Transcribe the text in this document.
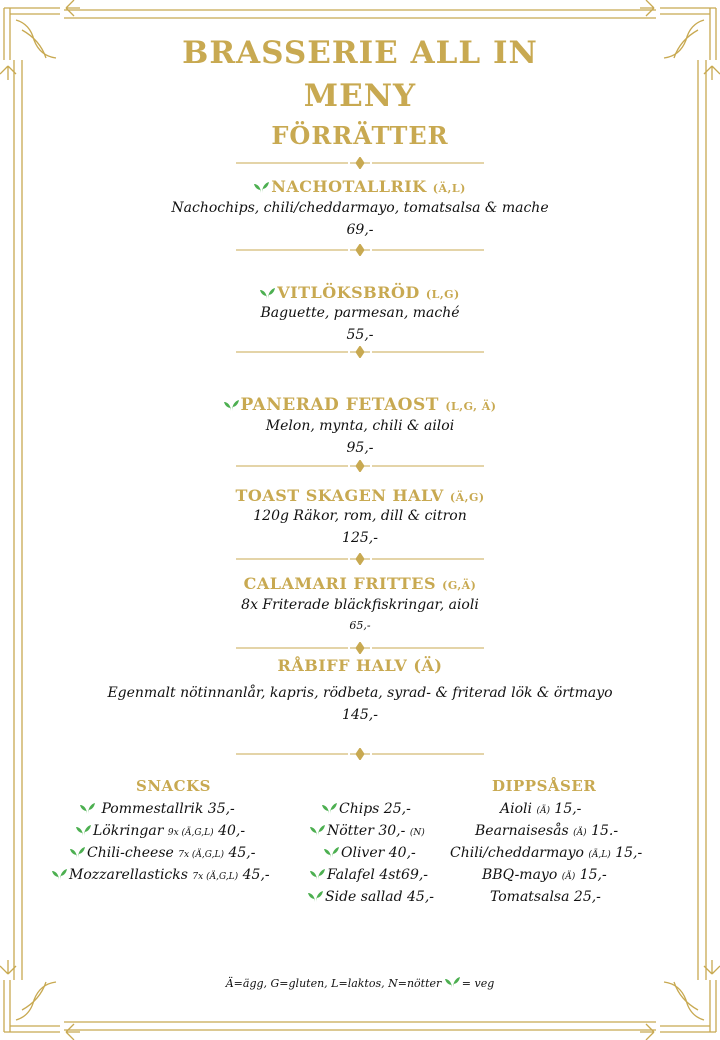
BRASSERIE ALL IN
MENY
FÖRRÄTTER
NACHOTALLRIK (Ä,L)
Nachochips, chili/cheddarmayo, tomatsalsa & mache
69,-
VITLÖKSBRÖD (L,G)
Baguette, parmesan, maché
55,-
PANERAD FETAOST (L,G, Ä)
Melon, mynta, chili & ailoi
95,-
TOAST SKAGEN HALV (Ä,G)
120g Räkor, rom, dill & citron
125,-
CALAMARI FRITTES (G,Ä)
8x Friterade bläckfiskringar, aioli
65,-
RÅBIFF HALV (Ä)
Egenmalt nötinnanlår, kapris, rödbeta, syrad- & friterad lök & örtmayo
145,-
SNACKS
Pommestallrik 35,-
Lökringar 9x (Ä,G,L) 40,-
Chili-cheese 7x (Ä,G,L) 45,-
Mozzarellasticks 7x (Ä,G,L) 45,-
Chips 25,-
Nötter 30,- (N)
Oliver 40,-
Falafel 4st69,-
Side sallad 45,-
DIPPSÅSER
Aioli (Ä) 15,-
Bearnaisesås (Ä) 15.-
Chili/cheddarmayo (Ä,L) 15,-
BBQ-mayo (Ä) 15,-
Tomatsalsa 25,-
Ä=ägg, G=gluten, L=laktos, N=nötter = veg
